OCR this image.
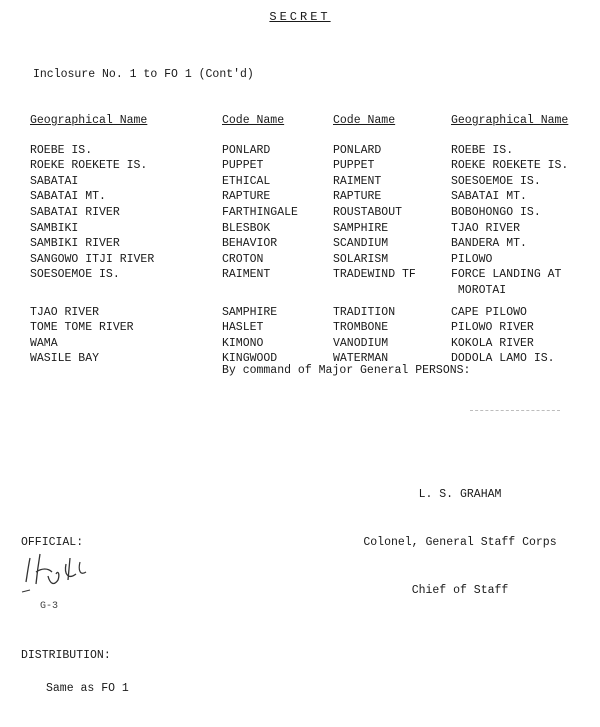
SECRET
Inclosure No. 1 to FO 1 (Cont'd)
Geographical Name	Code Name	Code Name	Geographical Name
ROEBE IS.	PONLARD	PONLARD	ROEBE IS.
ROEKE ROEKETE IS.	PUPPET	PUPPET	ROEKE ROEKETE IS.
SABATAI	ETHICAL	RAIMENT	SOESOEMOE IS.
SABATAI MT.	RAPTURE	RAPTURE	SABATAI MT.
SABATAI RIVER	FARTHINGALE	ROUSTABOUT	BOBOHONGO IS.
SAMBIKI	BLESBOK	SAMPHIRE	TJAO RIVER
SAMBIKI RIVER	BEHAVIOR	SCANDIUM	BANDERA MT.
SANGOWO ITJI RIVER	CROTON	SOLARISM	PILOWO
SOESOEMOE IS.	RAIMENT	TRADEWIND TF	FORCE LANDING AT
MOROTAI
TJAO RIVER	SAMPHIRE	TRADITION	CAPE PILOWO
TOME TOME RIVER	HASLET	TROMBONE	PILOWO RIVER
WAMA	KIMONO	VANODIUM	KOKOLA RIVER
WASILE BAY	KINGWOOD	WATERMAN	DODOLA LAMO IS.
By command of Major General PERSONS:

L. S. GRAHAM

Colonel, General Staff Corps

Chief of Staff

OFFICIAL:
G-3
DISTRIBUTION:
Same as FO 1
